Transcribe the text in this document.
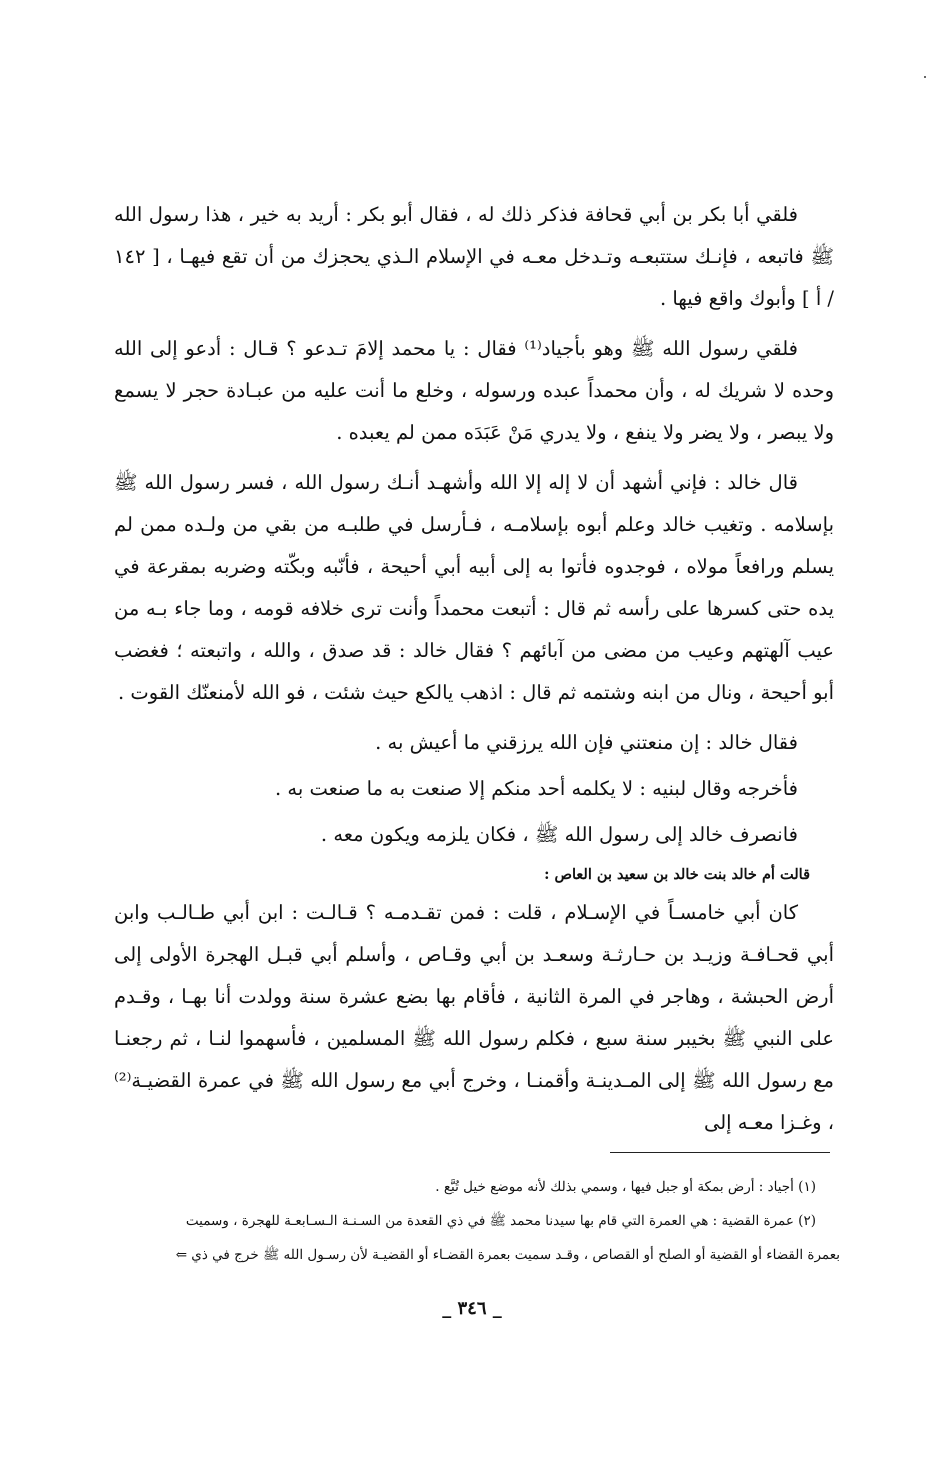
فلقي أبا بكر بن أبي قحافة فذكر ذلك له ، فقال أبو بكر : أريد به خير ، هذا رسول الله ﷺ فاتبعه ، فإنـك ستتبعـه وتـدخل معـه في الإسلام الـذي يحجزك من أن تقع فيهـا ، [ ١٤٢ / أ ] وأبوك واقع فيها .

فلقي رسول الله ﷺ وهو بأجياد⁽¹⁾ فقال : يا محمد إلامَ تـدعو ؟ قـال : أدعو إلى الله وحده لا شريك له ، وأن محمداً عبده ورسوله ، وخلع ما أنت عليه من عبـادة حجر لا يسمع ولا يبصر ، ولا يضر ولا ينفع ، ولا يدري مَنْ عَبَدَه ممن لم يعبده .

قال خالد : فإني أشهد أن لا إله إلا الله وأشهـد أنـك رسول الله ، فسر رسول الله ﷺ بإسلامه . وتغيب خالد وعلم أبوه بإسلامـه ، فـأرسل في طلبـه من بقي من ولـده ممن لم يسلم ورافعاً مولاه ، فوجدوه فأتوا به إلى أبيه أبي أحيحة ، فأنّبه وبكّته وضربه بمقرعة في يده حتى كسرها على رأسه ثم قال : أتبعت محمداً وأنت ترى خلافه قومه ، وما جاء بـه من عيب آلهتهم وعيب من مضى من آبائهم ؟ فقال خالد : قد صدق ، والله ، واتبعته ؛ فغضب أبو أحيحة ، ونال من ابنه وشتمه ثم قال : اذهب يالكع حيث شئت ، فو الله لأمنعنّك القوت .

فقال خالد : إن منعتني فإن الله يرزقني ما أعيش به .

فأخرجه وقال لبنيه : لا يكلمه أحد منكم إلا صنعت به ما صنعت به .

فانصرف خالد إلى رسول الله ﷺ ، فكان يلزمه ويكون معه .

قالت أم خالد بنت خالد بن سعيد بن العاص :

كان أبي خامسـاً في الإسـلام ، قلت : فمن تقـدمـه ؟ قـالـت : ابن أبي طـالـب وابن أبي قحـافـة وزيـد بن حـارثـة وسعـد بن أبي وقـاص ، وأسلم أبي قبـل الهجرة الأولى إلى أرض الحبشة ، وهاجر في المرة الثانية ، فأقام بها بضع عشرة سنة وولدت أنا بهـا ، وقـدم على النبي ﷺ بخيبر سنة سبع ، فكلم رسول الله ﷺ المسلمين ، فأسهموا لنـا ، ثم رجعنـا مع رسول الله ﷺ إلى المـدينـة وأقمنـا ، وخرج أبي مع رسول الله ﷺ في عمرة القضيـة⁽²⁾ ، وغـزا معـه إلى

(١) أجياد : أرض بمكة أو جبل فيها ، وسمي بذلك لأنه موضع خيل تُبَّع .

(٢) عمرة القضية : هي العمرة التي قام بها سيدنا محمد ﷺ في ذي القعدة من السـنـة الـسـابعـة للهجرة ، وسميت

بعمرة القضاء أو القضية أو الصلح أو القصاص ، وقـد سميت بعمرة القضـاء أو القضيـة لأن رسـول الله ﷺ خرج في ذي ⇐

_ ٣٤٦ _
